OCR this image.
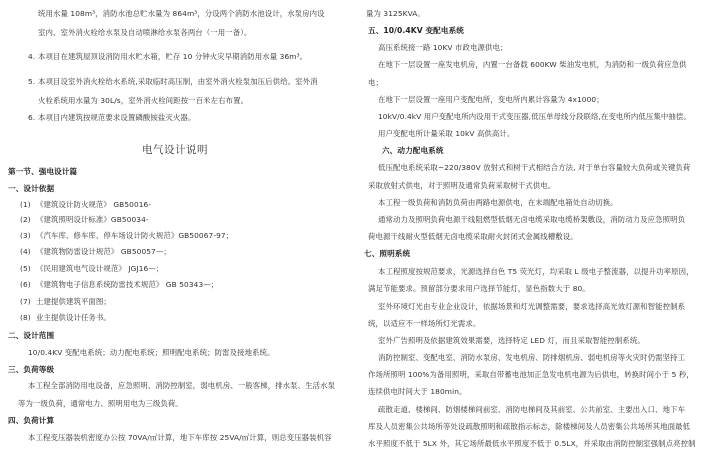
统用水量 108m³，消防水池总贮水量为 864m³，分设两个消防水池设计，水泵房内设
室内、室外消火栓给水泵及自动喷淋给水泵各两台（一用一备）。
4. 本项目在建筑屋顶设消防用水贮水箱，贮存 10 分钟火灾早期消防用水量 36m³。
5. 本项目设室外消火栓给水系统,采取临时高压制，由室外消火栓泵加压后供给。室外消
火栓系统用水量为 30L/s，室外消火栓间距按一百米左右布置。
6. 本项目内建筑按规范要求设置磷酸铵盐灭火器。
电气设计说明
第一节、强电设计篇
一、设计依据
(1) 《建筑设计防火规范》 GB50016-
(2) 《建筑照明设计标准》GB50034-
(3) 《汽车库、修车库、停车场设计防火规范》GB50067-97；
(4) 《建筑物防雷设计规范》 GB50057—；
(5) 《民用建筑电气设计规范》 JGJ16—；
(6) 《建筑物电子信息系统防雷技术规范》 GB 50343—；
(7) 土建提供建筑平面图；
(8) 业主提供设计任务书。
二、设计范围
10/0.4KV 变配电系统；动力配电系统；照明配电系统；防雷及接地系统。
三、负荷等级
本工程全部消防用电设备，应急照明、消防控制室，弱电机房、一般客梯，排水泵、生活水泵
等为一级负荷，通常电力、照明用电为三级负荷。
四、负荷计算
本工程变压器装机密度办公按 70VA/㎡计算，地下车库按 25VA/㎡计算，则总变压器装机容
量为 3125KVA。
五、10/0.4KV 变配电系统
高压系统接一路 10KV 市政电源供电；
在地下一层设置一座发电机房，内置一台备载 600KW 柴油发电机，为消防和一级负荷应急供
电；
在地下一层设置一座用户变配电所，变电所内累计容量为 4x1000；
10kV/0.4kV 用户变配电所内设用干式变压器,低压单母线分段联络,在变电所内低压集中抽偿。
用户变配电所计量采取 10kV 高供高计。
六、动力配电系统
低压配电系统采取~220/380V 放射式和树干式相结合方法, 对于单台容量较大负荷或关键负荷
采取放射式供电，对于照明及通常负荷采取树干式供电。
本工程一级负荷和消防负荷由两路电源供电，在末端配电箱处自动切换。
通常动力及照明负荷电源干线阻燃型低烟无卤电缆采取电缆桥架敷设，消防动力及应急照明负
荷电源干线耐火型低烟无卤电缆采取耐火封闭式金属线槽敷设。
七、照明系统
本工程照度按规范要求，光源选择自色 T5 荧光灯，均采取 L 级电子整流器，以提升功率原因，
满足节能要求。预留部分要求用户选择节能灯，显色指数大于 80。
室外环境灯光由专业企业设计，依据场景和灯光调整需要，要求选择高光效灯源和智能控制系
统，以适应不一样场所灯光需求。
室外广告照明及依据建筑效果需要，选择特定 LED 灯，而且采取智能控制系统。
消防控制室、变配电室、消防水泵房、发电机房、防排烟机房、弱电机房等火灾时仍需坚持工
作场所照明 100%为备用照明，采取自带蓄电池加正急发电机电源为后供电，转换时间小于 5 秒，
连续供电时间大于 180min。
疏散走道、楼梯间、防烟楼梯间前室、消防电梯间及其前室、公共前室、主要出入口、地下车
库及人员密集公共场所等处设疏散照明和疏散指示标志，除楼梯间及人员密集公共场所其地面最低
水平照度不低于 5LX 外，其它场所最低水平照度不低于 0.5LX，并采取由消防控制室强制点亮控制
